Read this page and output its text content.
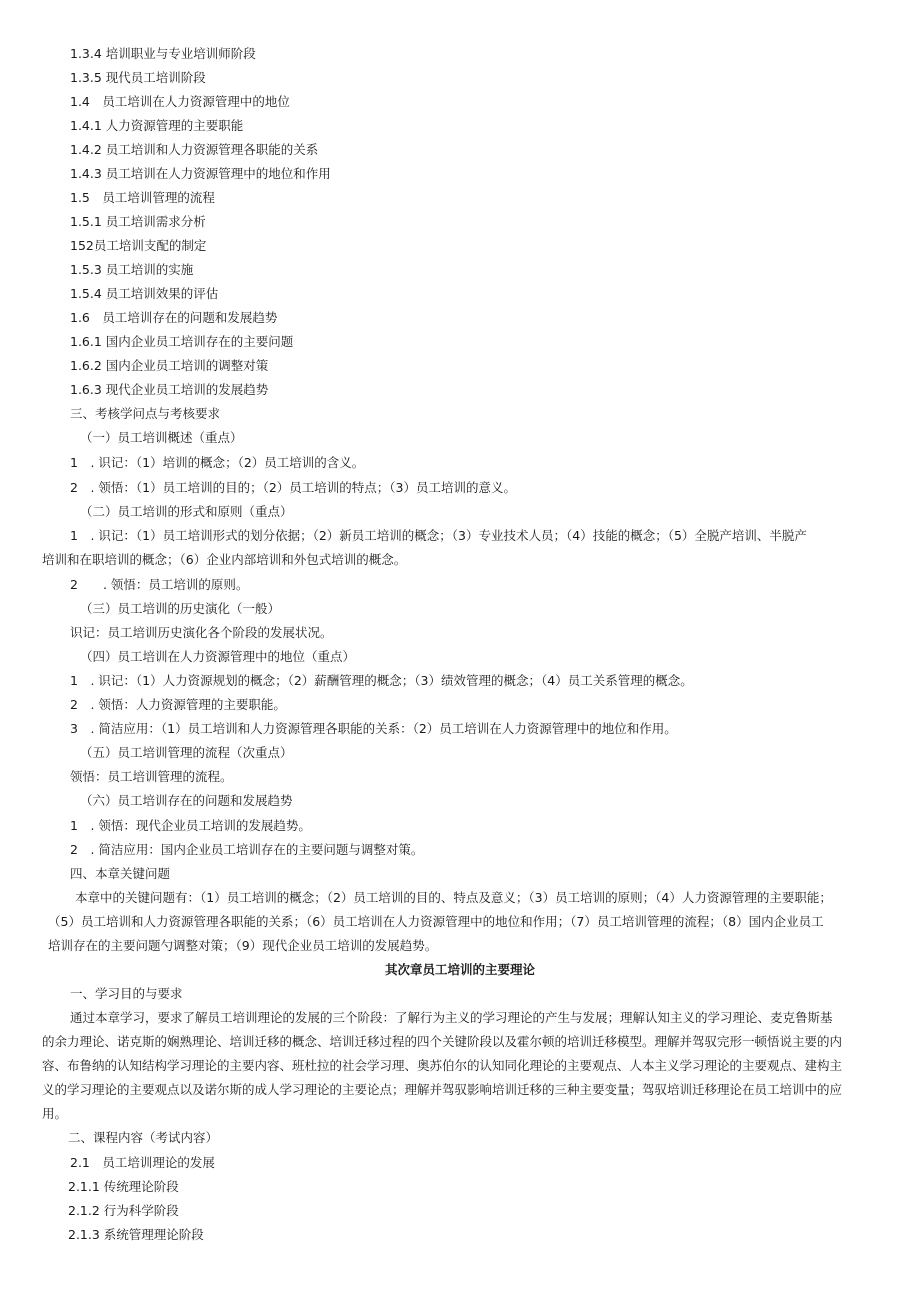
1.3.4 培训职业与专业培训师阶段
1.3.5 现代员工培训阶段
1.4　员工培训在人力资源管理中的地位
1.4.1 人力资源管理的主要职能
1.4.2 员工培训和人力资源管理各职能的关系
1.4.3 员工培训在人力资源管理中的地位和作用
1.5　员工培训管理的流程
1.5.1 员工培训需求分析
152员工培训支配的制定
1.5.3 员工培训的实施
1.5.4 员工培训效果的评估
1.6　员工培训存在的问题和发展趋势
1.6.1 国内企业员工培训存在的主要问题
1.6.2 国内企业员工培训的调整对策
1.6.3 现代企业员工培训的发展趋势
三、考核学问点与考核要求
（一）员工培训概述（重点）
1　. 识记：（1）培训的概念；（2）员工培训的含义。
2　. 领悟：（1）员工培训的目的；（2）员工培训的特点；（3）员工培训的意义。
（二）员工培训的形式和原则（重点）
1　. 识记：（1）员工培训形式的划分依据；（2）新员工培训的概念；（3）专业技术人员；（4）技能的概念；（5）全脱产培训、半脱产
培训和在职培训的概念；（6）企业内部培训和外包式培训的概念。
2　　. 领悟：员工培训的原则。
（三）员工培训的历史演化（一般）
识记：员工培训历史演化各个阶段的发展状况。
（四）员工培训在人力资源管理中的地位（重点）
1　. 识记：（1）人力资源规划的概念；（2）薪酬管理的概念；（3）绩效管理的概念；（4）员工关系管理的概念。
2　. 领悟：人力资源管理的主要职能。
3　. 简洁应用：（1）员工培训和人力资源管理各职能的关系：（2）员工培训在人力资源管理中的地位和作用。
（五）员工培训管理的流程（次重点）
领悟：员工培训管理的流程。
（六）员工培训存在的问题和发展趋势
1　. 领悟：现代企业员工培训的发展趋势。
2　. 简洁应用：国内企业员工培训存在的主要问题与调整对策。
四、本章关键问题
本章中的关键问题有：（1）员工培训的概念；（2）员工培训的目的、特点及意义；（3）员工培训的原则；（4）人力资源管理的主要职能；
（5）员工培训和人力资源管理各职能的关系；（6）员工培训在人力资源管理中的地位和作用；（7）员工培训管理的流程；（8）国内企业员工
培训存在的主要问题勺调整对策；（9）现代企业员工培训的发展趋势。
其次章员工培训的主要理论
一、学习目的与要求
通过本章学习，要求了解员工培训理论的发展的三个阶段：了解行为主义的学习理论的产生与发展；理解认知主义的学习理论、麦克鲁斯基
的余力理论、诺克斯的娴熟理论、培训迁移的概念、培训迁移过程的四个关键阶段以及霍尔顿的培训迁移模型。理解并驾驭完形一顿悟说主要的内
容、布鲁纳的认知结构学习理论的主要内容、班杜拉的社会学习理、奥苏伯尔的认知同化理论的主要观点、人本主义学习理论的主要观点、建构主
义的学习理论的主要观点以及诺尔斯的成人学习理论的主要论点；理解并驾驭影响培训迁移的三种主要变量；驾驭培训迁移理论在员工培训中的应
用。
二、课程内容（考试内容）
2.1　员工培训理论的发展
2.1.1 传统理论阶段
2.1.2 行为科学阶段
2.1.3 系统管理理论阶段
